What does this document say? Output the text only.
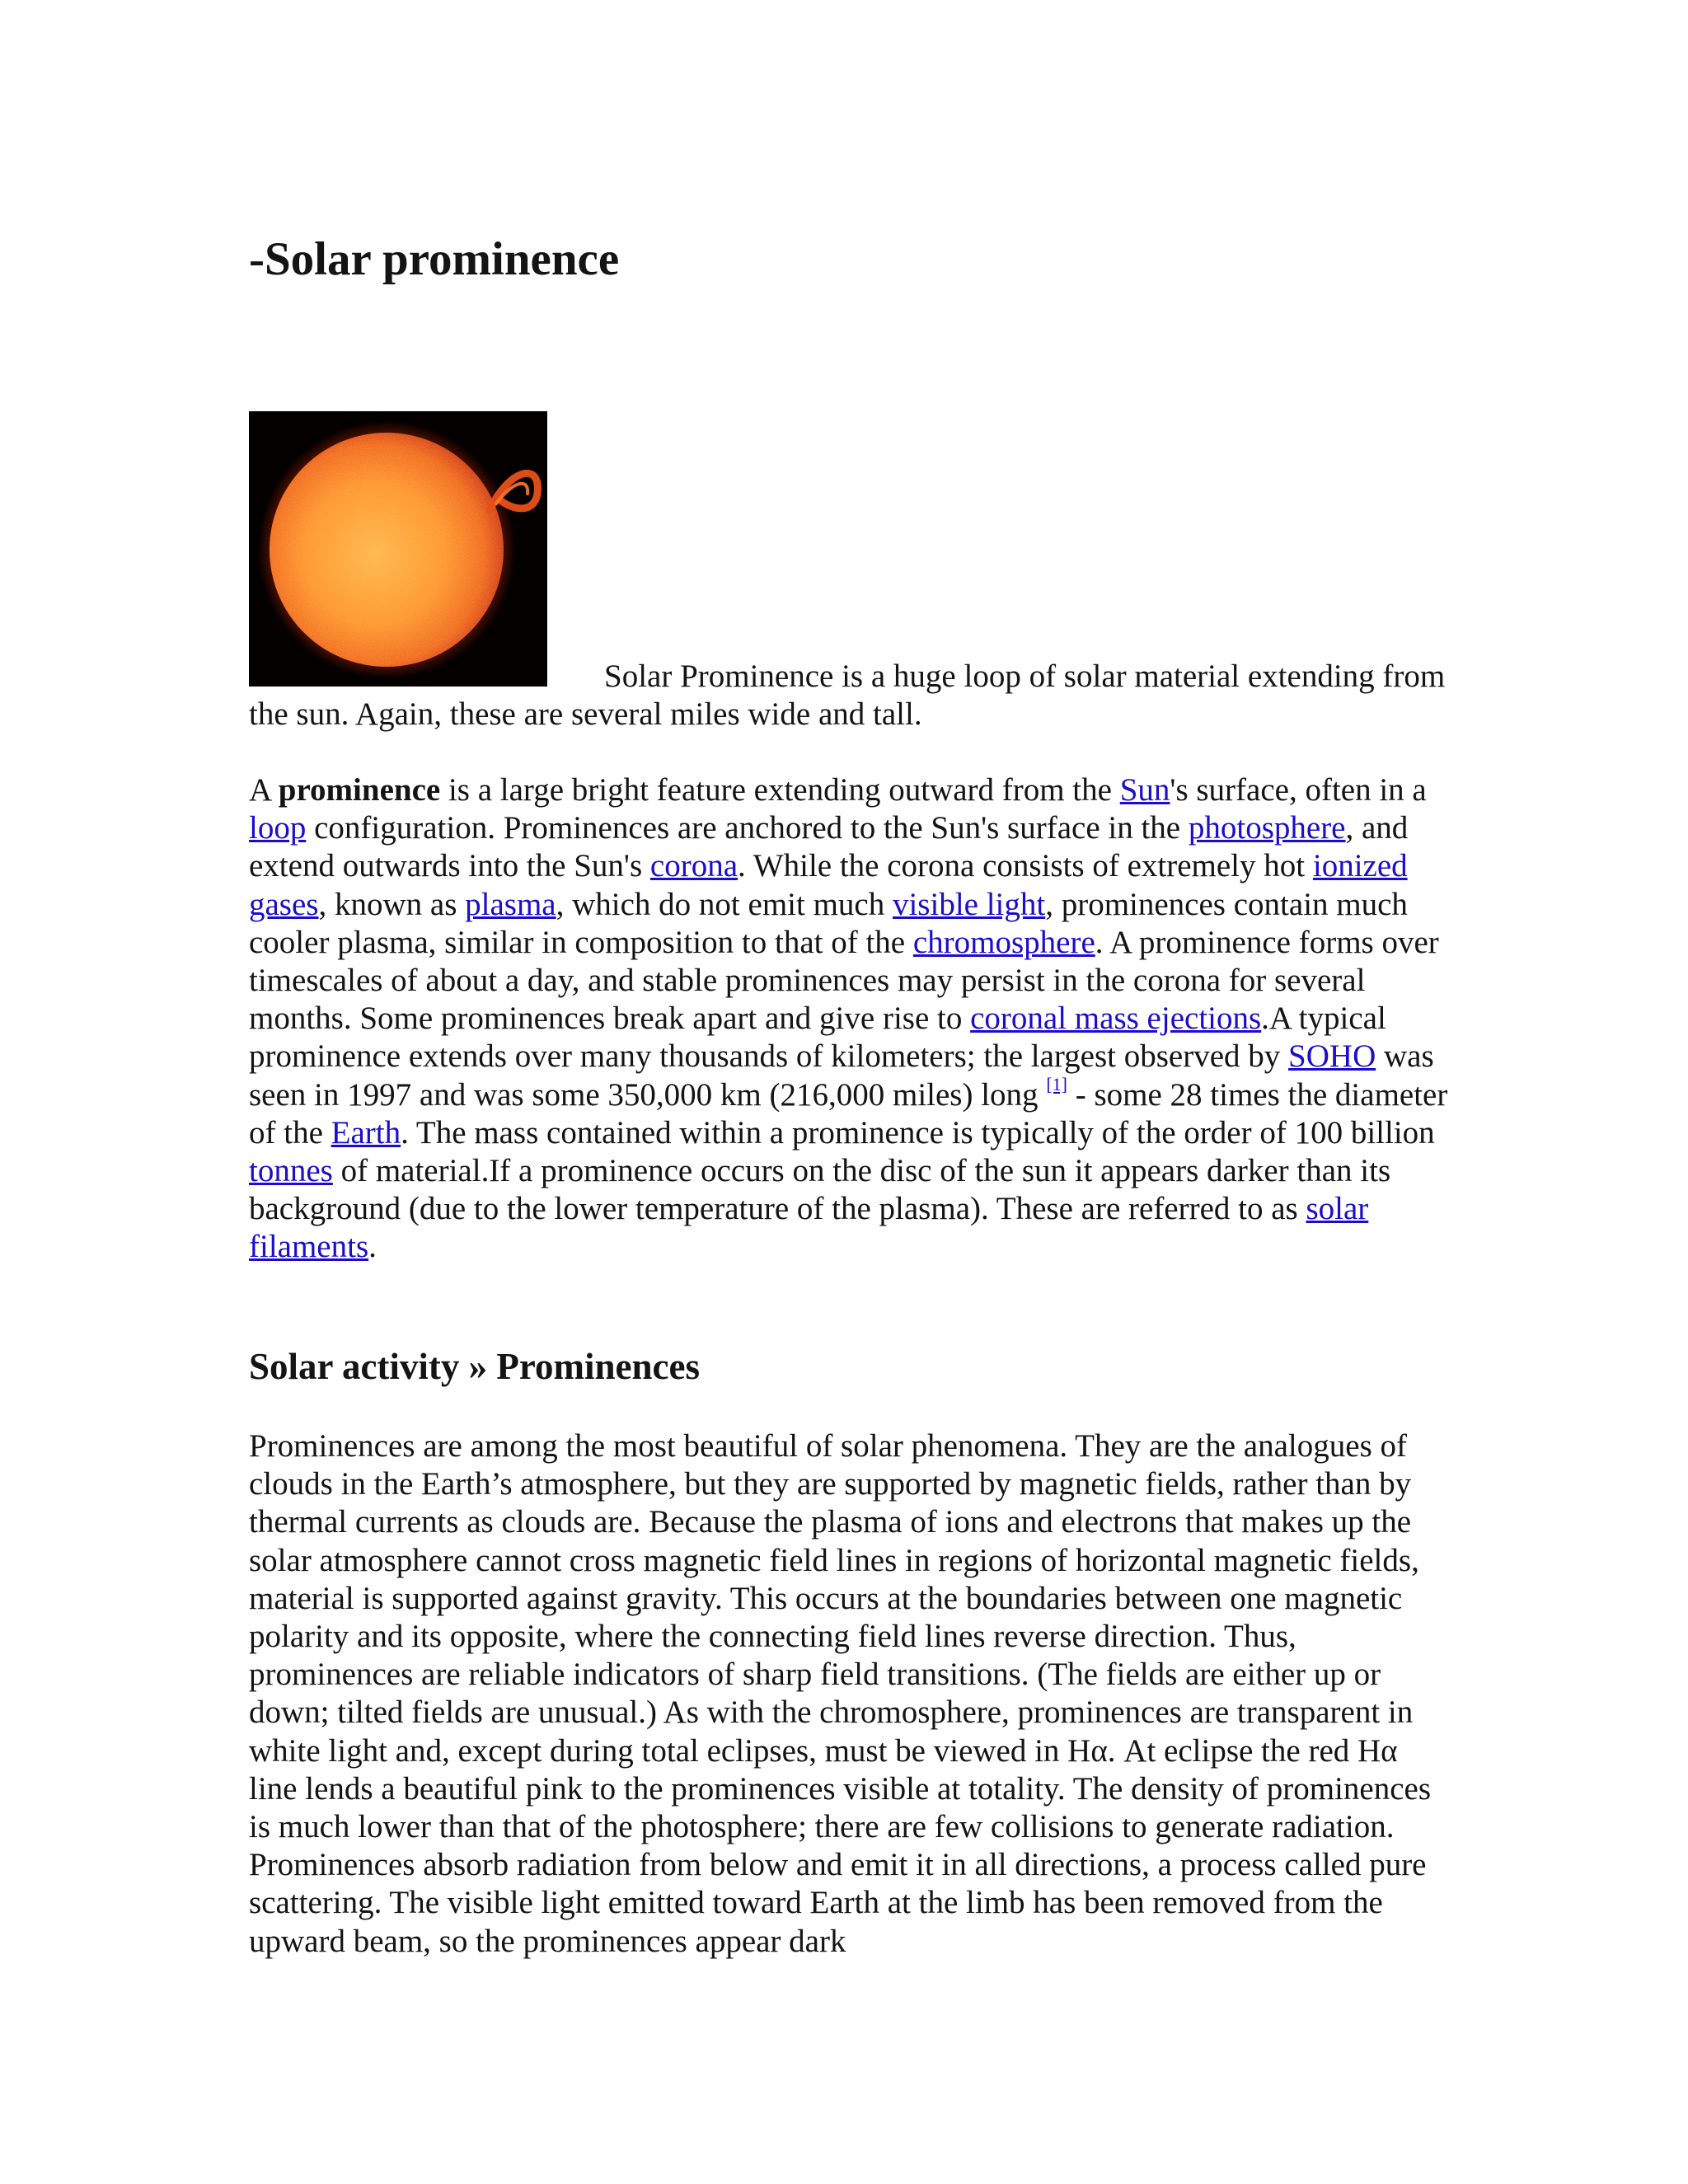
-Solar prominence

Solar Prominence is a huge loop of solar material extending from the sun. Again, these are several miles wide and tall.

A prominence is a large bright feature extending outward from the Sun's surface, often in a loop configuration. Prominences are anchored to the Sun's surface in the photosphere, and extend outwards into the Sun's corona. While the corona consists of extremely hot ionized gases, known as plasma, which do not emit much visible light, prominences contain much cooler plasma, similar in composition to that of the chromosphere. A prominence forms over timescales of about a day, and stable prominences may persist in the corona for several months. Some prominences break apart and give rise to coronal mass ejections.A typical prominence extends over many thousands of kilometers; the largest observed by SOHO was seen in 1997 and was some 350,000 km (216,000 miles) long [1] - some 28 times the diameter of the Earth. The mass contained within a prominence is typically of the order of 100 billion tonnes of material.If a prominence occurs on the disc of the sun it appears darker than its background (due to the lower temperature of the plasma). These are referred to as solar filaments.

Solar activity » Prominences

Prominences are among the most beautiful of solar phenomena. They are the analogues of clouds in the Earth’s atmosphere, but they are supported by magnetic fields, rather than by thermal currents as clouds are. Because the plasma of ions and electrons that makes up the solar atmosphere cannot cross magnetic field lines in regions of horizontal magnetic fields, material is supported against gravity. This occurs at the boundaries between one magnetic polarity and its opposite, where the connecting field lines reverse direction. Thus, prominences are reliable indicators of sharp field transitions. (The fields are either up or down; tilted fields are unusual.) As with the chromosphere, prominences are transparent in white light and, except during total eclipses, must be viewed in Hα. At eclipse the red Hα line lends a beautiful pink to the prominences visible at totality. The density of prominences is much lower than that of the photosphere; there are few collisions to generate radiation. Prominences absorb radiation from below and emit it in all directions, a process called pure scattering. The visible light emitted toward Earth at the limb has been removed from the upward beam, so the prominences appear dark
